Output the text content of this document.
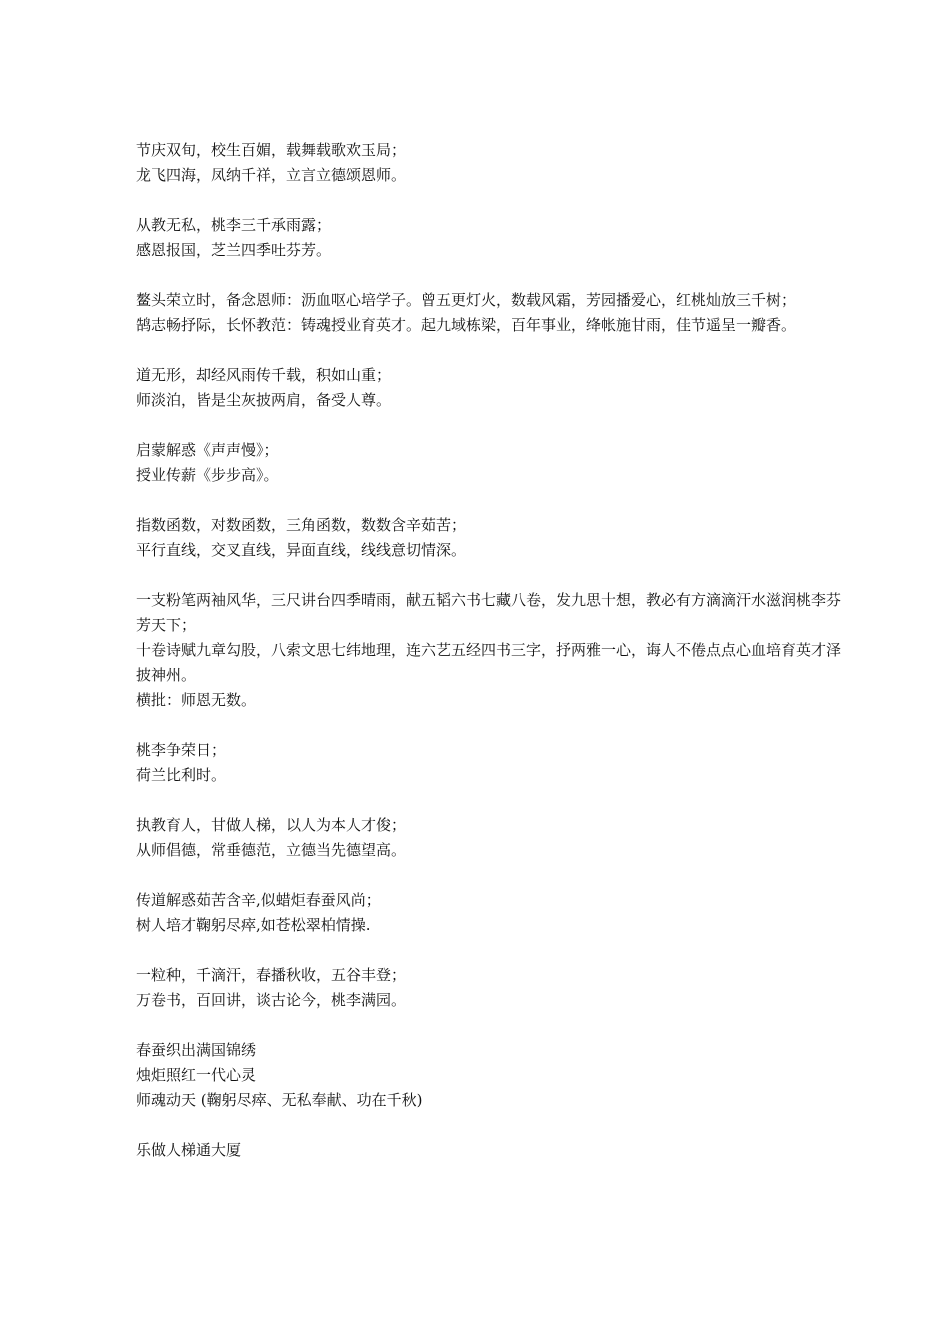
节庆双旬，校生百媚，载舞载歌欢玉局；
龙飞四海，凤纳千祥，立言立德颂恩师。
从教无私，桃李三千承雨露；
感恩报国，芝兰四季吐芬芳。
鳌头荣立时，备念恩师：沥血呕心培学子。曾五更灯火，数载风霜，芳园播爱心，红桃灿放三千树；
鹄志畅抒际，长怀教范：铸魂授业育英才。起九域栋梁，百年事业，绛帐施甘雨，佳节遥呈一瓣香。
道无形，却经风雨传千载，积如山重；
师淡泊，皆是尘灰披两肩，备受人尊。
启蒙解惑《声声慢》；
授业传薪《步步高》。
指数函数，对数函数，三角函数，数数含辛茹苦；
平行直线，交叉直线，异面直线，线线意切情深。
一支粉笔两袖风华，三尺讲台四季晴雨，献五韬六书七藏八卷，发九思十想，教必有方滴滴汗水滋润桃李芬芳天下；
十卷诗赋九章勾股，八索文思七纬地理，连六艺五经四书三字，抒两雅一心，诲人不倦点点心血培育英才泽披神州。
横批：师恩无数。
桃李争荣日；
荷兰比利时。
执教育人，甘做人梯，以人为本人才俊；
从师倡德，常垂德范，立德当先德望高。
传道解惑茹苦含辛,似蜡炬春蚕风尚；
树人培才鞠躬尽瘁,如苍松翠柏情操.
一粒种，千滴汗，春播秋收，五谷丰登；
万卷书，百回讲，谈古论今，桃李满园。
春蚕织出满国锦绣
烛炬照红一代心灵
师魂动天 (鞠躬尽瘁、无私奉献、功在千秋)
乐做人梯通大厦
